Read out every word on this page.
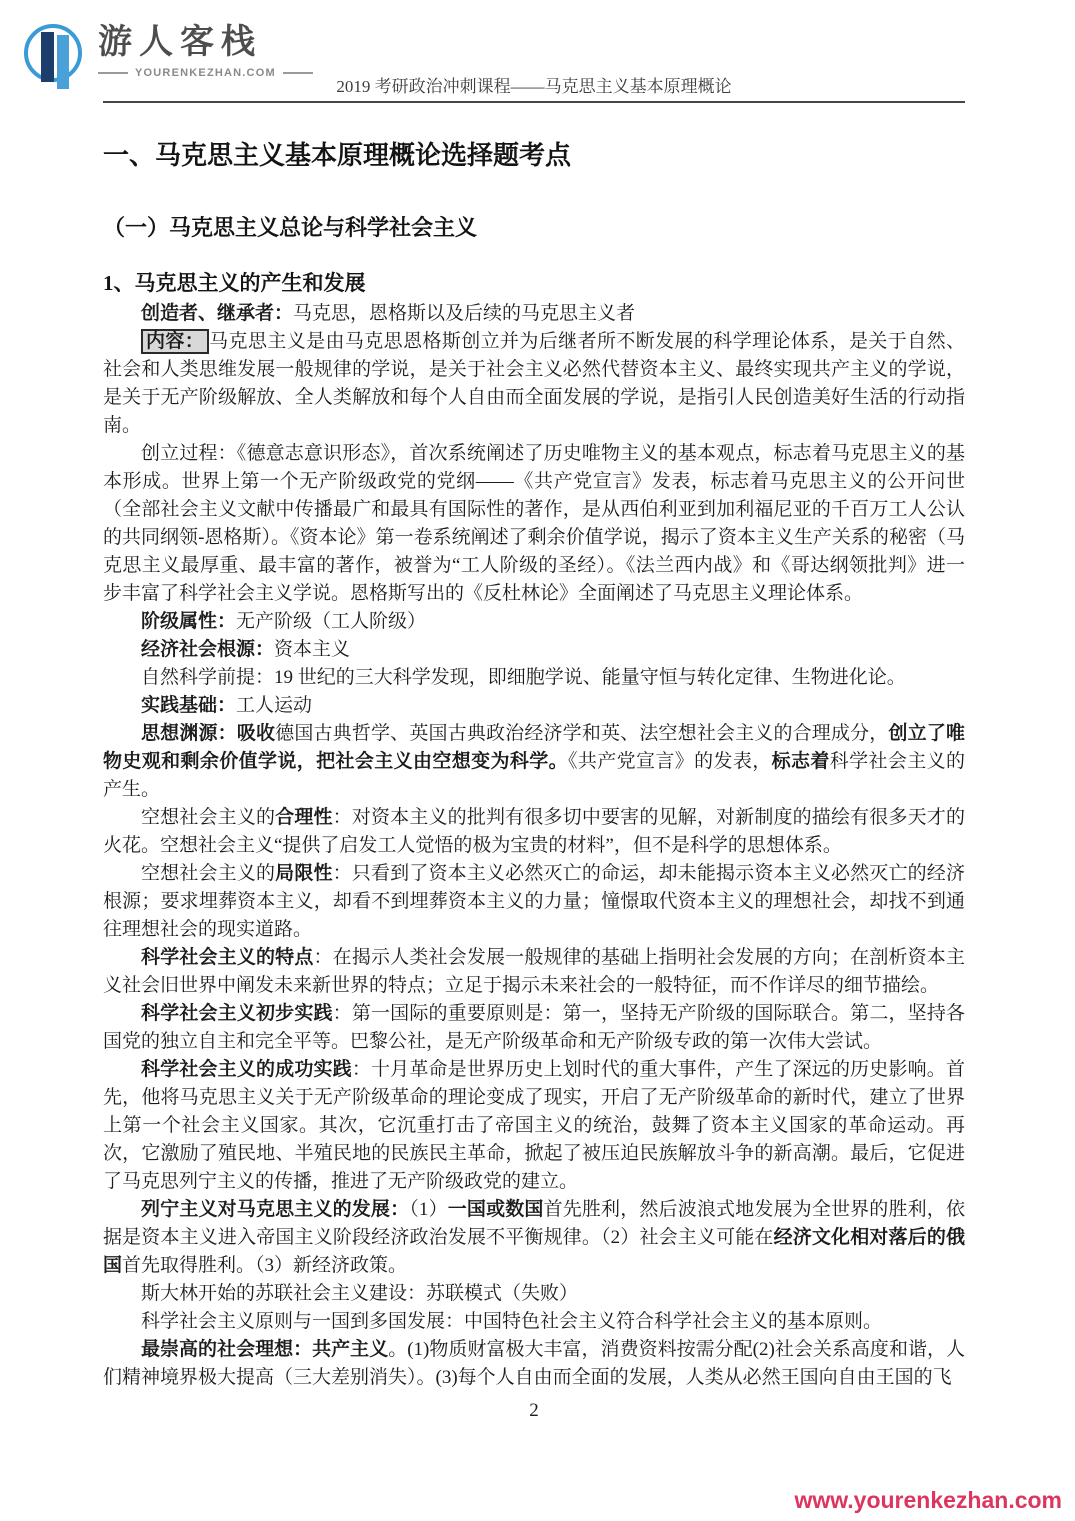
游人客栈
YOURENKEZHAN.COM
2019 考研政治冲刺课程——马克思主义基本原理概论
一、马克思主义基本原理概论选择题考点
（一）马克思主义总论与科学社会主义
1、马克思主义的产生和发展

创造者、继承者：马克思，恩格斯以及后续的马克思主义者

内容： 马克思主义是由马克思恩格斯创立并为后继者所不断发展的科学理论体系，是关于自然、社会和人类思维发展一般规律的学说，是关于社会主义必然代替资本主义、最终实现共产主义的学说，是关于无产阶级解放、全人类解放和每个人自由而全面发展的学说，是指引人民创造美好生活的行动指南。

创立过程：《德意志意识形态》，首次系统阐述了历史唯物主义的基本观点，标志着马克思主义的基本形成。世界上第一个无产阶级政党的党纲——《共产党宣言》发表，标志着马克思主义的公开问世（全部社会主义文献中传播最广和最具有国际性的著作，是从西伯利亚到加利福尼亚的千百万工人公认的共同纲领-恩格斯）。《资本论》第一卷系统阐述了剩余价值学说，揭示了资本主义生产关系的秘密（马克思主义最厚重、最丰富的著作，被誉为“工人阶级的圣经）。《法兰西内战》和《哥达纲领批判》进一步丰富了科学社会主义学说。恩格斯写出的《反杜林论》全面阐述了马克思主义理论体系。

阶级属性：无产阶级（工人阶级）

经济社会根源：资本主义

自然科学前提：19 世纪的三大科学发现，即细胞学说、能量守恒与转化定律、生物进化论。

实践基础：工人运动

思想渊源：吸收德国古典哲学、英国古典政治经济学和英、法空想社会主义的合理成分，创立了唯物史观和剩余价值学说，把社会主义由空想变为科学。《共产党宣言》的发表，标志着科学社会主义的产生。

空想社会主义的合理性：对资本主义的批判有很多切中要害的见解，对新制度的描绘有很多天才的火花。空想社会主义“提供了启发工人觉悟的极为宝贵的材料”，但不是科学的思想体系。

空想社会主义的局限性：只看到了资本主义必然灭亡的命运，却未能揭示资本主义必然灭亡的经济根源；要求埋葬资本主义，却看不到埋葬资本主义的力量；憧憬取代资本主义的理想社会，却找不到通往理想社会的现实道路。

科学社会主义的特点：在揭示人类社会发展一般规律的基础上指明社会发展的方向；在剖析资本主义社会旧世界中阐发未来新世界的特点；立足于揭示未来社会的一般特征，而不作详尽的细节描绘。

科学社会主义初步实践：第一国际的重要原则是：第一，坚持无产阶级的国际联合。第二，坚持各国党的独立自主和完全平等。巴黎公社，是无产阶级革命和无产阶级专政的第一次伟大尝试。

科学社会主义的成功实践：十月革命是世界历史上划时代的重大事件，产生了深远的历史影响。首先，他将马克思主义关于无产阶级革命的理论变成了现实，开启了无产阶级革命的新时代，建立了世界上第一个社会主义国家。其次，它沉重打击了帝国主义的统治，鼓舞了资本主义国家的革命运动。再次，它激励了殖民地、半殖民地的民族民主革命，掀起了被压迫民族解放斗争的新高潮。最后，它促进了马克思列宁主义的传播，推进了无产阶级政党的建立。

列宁主义对马克思主义的发展：（1）一国或数国首先胜利，然后波浪式地发展为全世界的胜利，依据是资本主义进入帝国主义阶段经济政治发展不平衡规律。（2）社会主义可能在经济文化相对落后的俄国首先取得胜利。（3）新经济政策。

斯大林开始的苏联社会主义建设：苏联模式（失败）

科学社会主义原则与一国到多国发展：中国特色社会主义符合科学社会主义的基本原则。

最崇高的社会理想：共产主义。(1)物质财富极大丰富，消费资料按需分配(2)社会关系高度和谐，人们精神境界极大提高（三大差别消失）。(3)每个人自由而全面的发展，人类从必然王国向自由王国的飞

2
www.yourenkezhan.com
